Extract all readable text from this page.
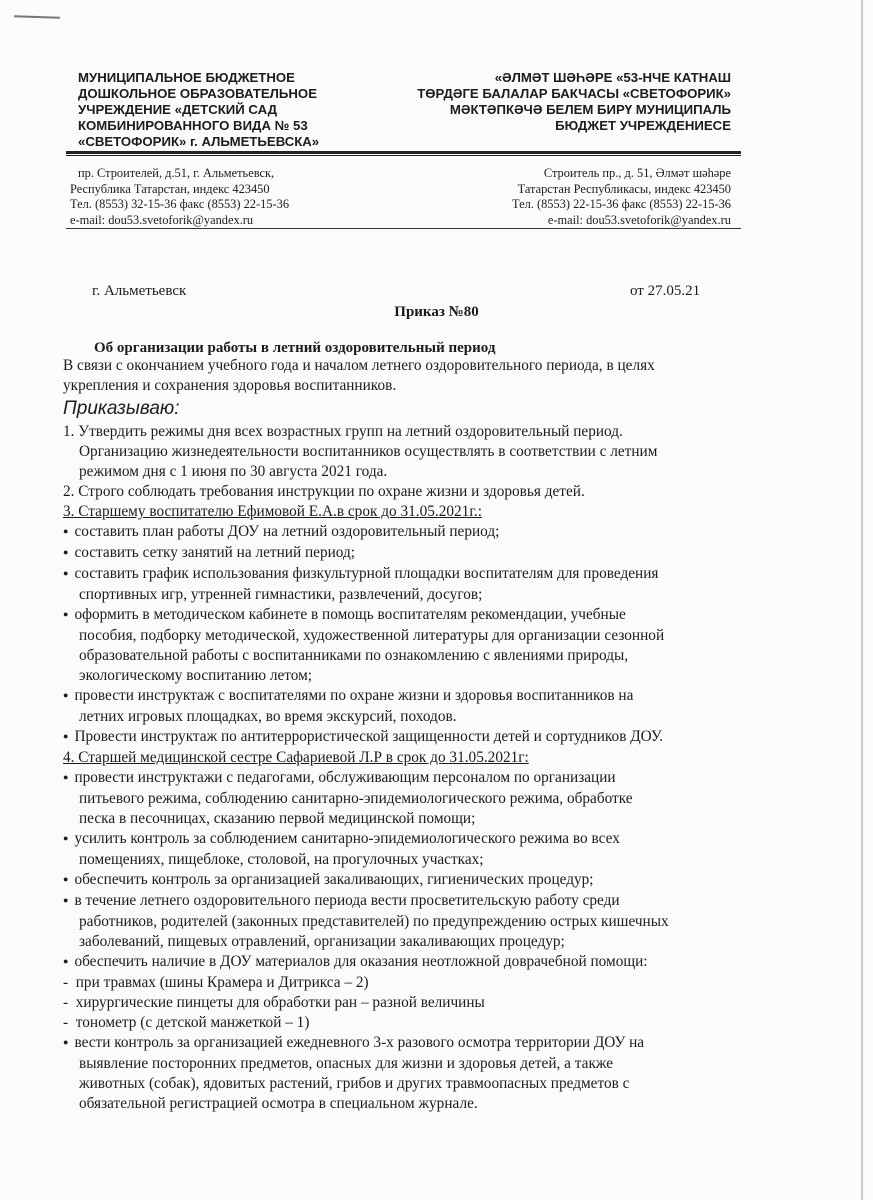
МУНИЦИПАЛЬНОЕ БЮДЖЕТНОЕ
ДОШКОЛЬНОЕ ОБРАЗОВАТЕЛЬНОЕ
УЧРЕЖДЕНИЕ «ДЕТСКИЙ САД
КОМБИНИРОВАННОГО ВИДА № 53
«СВЕТОФОРИК» г. АЛЬМЕТЬЕВСКА»
«ӘЛМӘТ ШӘҺӘРЕ «53-НЧЕ КАТНАШ
ТӨРДӘГЕ БАЛАЛАР БАКЧАСЫ «СВЕТОФОРИК»
МӘКТӘПКӘЧӘ БЕЛЕМ БИРҮ МУНИЦИПАЛЬ
БЮДЖЕТ УЧРЕЖДЕНИЕСЕ
пр. Строителей, д.51, г. Альметьевск,
Республика Татарстан, индекс 423450
Тел. (8553) 32-15-36 факс (8553) 22-15-36
e-mail: dou53.svetoforik@yandex.ru
Строитель пр., д. 51, Әлмәт шәһәре
Татарстан Республикасы, индекс 423450
Тел. (8553) 22-15-36 факс (8553) 22-15-36
e-mail: dou53.svetoforik@yandex.ru
г. Альметьевск	от 27.05.21
Приказ №80
Об организации работы в летний оздоровительный период

В связи с окончанием учебного года и началом летнего оздоровительного периода, в целях

укрепления и сохранения здоровья воспитанников.

Приказываю:

1. Утвердить режимы дня всех возрастных групп на летний оздоровительный период.

Организацию жизнедеятельности воспитанников осуществлять в соответствии с летним

режимом дня с 1 июня по 30 августа 2021 года.

2. Строго соблюдать требования инструкции по охране жизни и здоровья детей.

3. Старшему воспитателю Ефимовой Е.А.в срок до 31.05.2021г.:

● составить план работы ДОУ на летний оздоровительный период;

● составить сетку занятий на летний период;

● составить график использования физкультурной площадки воспитателям для проведения

спортивных игр, утренней гимнастики, развлечений, досугов;

● оформить в методическом кабинете в помощь воспитателям рекомендации, учебные

пособия, подборку методической, художественной литературы для организации сезонной

образовательной работы с воспитанниками по ознакомлению с явлениями природы,

экологическому воспитанию летом;

● провести инструктаж с воспитателями по охране жизни и здоровья воспитанников на

летних игровых площадках, во время экскурсий, походов.

● Провести инструктаж по антитеррористической защищенности детей и сортудников ДОУ.

4. Старшей медицинской сестре Сафариевой Л.Р в срок до 31.05.2021г:

● провести инструктажи с педагогами, обслуживающим персоналом по организации

питьевого режима, соблюдению санитарно-эпидемиологического режима, обработке

песка в песочницах, сказанию первой медицинской помощи;

● усилить контроль за соблюдением санитарно-эпидемиологического режима во всех

помещениях, пищеблоке, столовой, на прогулочных участках;

● обеспечить контроль за организацией закаливающих, гигиенических процедур;

● в течение летнего оздоровительного периода вести просветительскую работу среди

работников, родителей (законных представителей) по предупреждению острых кишечных

заболеваний, пищевых отравлений, организации закаливающих процедур;

● обеспечить наличие в ДОУ материалов для оказания неотложной доврачебной помощи:

-  при травмах (шины Крамера и Дитрикса – 2)

-  хирургические пинцеты для обработки ран – разной величины

-  тонометр (с детской манжеткой – 1)

● вести контроль за организацией ежедневного 3-х разового осмотра территории ДОУ на

выявление посторонних предметов, опасных для жизни и здоровья детей, а также

животных (собак), ядовитых растений, грибов и других травмоопасных предметов с

обязательной регистрацией осмотра в специальном журнале.
